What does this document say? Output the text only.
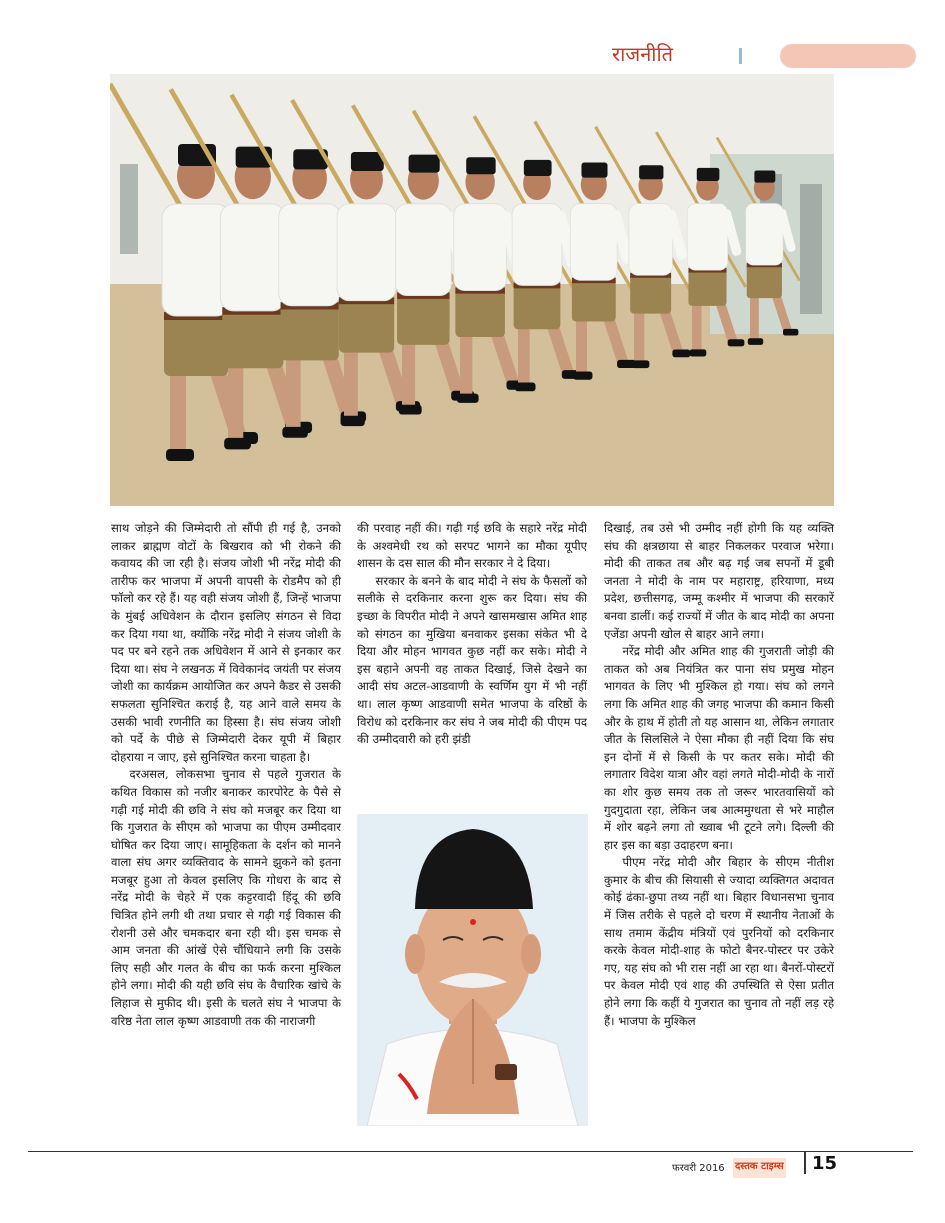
राजनीति

साथ जोड़ने की जिम्मेदारी तो सौंपी ही गई है, उनको लाकर ब्राह्मण वोटों के बिखराव को भी रोकने की कवायद की जा रही है। संजय जोशी भी नरेंद्र मोदी की तारीफ कर भाजपा में अपनी वापसी के रोडमैप को ही फॉलो कर रहे हैं। यह वही संजय जोशी हैं, जिन्हें भाजपा के मुंबई अधिवेशन के दौरान इसलिए संगठन से विदा कर दिया गया था, क्योंकि नरेंद्र मोदी ने संजय जोशी के पद पर बने रहने तक अधिवेशन में आने से इनकार कर दिया था। संघ ने लखनऊ में विवेकानंद जयंती पर संजय जोशी का कार्यक्रम आयोजित कर अपने कैडर से उसकी सफलता सुनिश्चित कराई है, यह आने वाले समय के उसकी भावी रणनीति का हिस्सा है। संघ संजय जोशी को पर्दे के पीछे से जिम्मेदारी देकर यूपी में बिहार दोहराया न जाए, इसे सुनिश्चित करना चाहता है।

दरअसल, लोकसभा चुनाव से पहले गुजरात के कथित विकास को नजीर बनाकर कारपोरेट के पैसे से गढ़ी गई मोदी की छवि ने संघ को मजबूर कर दिया था कि गुजरात के सीएम को भाजपा का पीएम उम्मीदवार घोषित कर दिया जाए। सामूहिकता के दर्शन को मानने वाला संघ अगर व्यक्तिवाद के सामने झुकने को इतना मजबूर हुआ तो केवल इसलिए कि गोधरा के बाद से नरेंद्र मोदी के चेहरे में एक कट्टरवादी हिंदू की छवि चित्रित होने लगी थी तथा प्रचार से गढ़ी गई विकास की रोशनी उसे और चमकदार बना रही थी। इस चमक से आम जनता की आंखें ऐसे चौंधियाने लगी कि उसके लिए सही और गलत के बीच का फर्क करना मुश्किल होने लगा। मोदी की यही छवि संघ के वैचारिक खांचे के लिहाज से मुफीद थी। इसी के चलते संघ ने भाजपा के वरिष्ठ नेता लाल कृष्ण आडवाणी तक की नाराजगी

की परवाह नहीं की। गढ़ी गई छवि के सहारे नरेंद्र मोदी के अश्वमेधी रथ को सरपट भागने का मौका यूपीए शासन के दस साल की मौन सरकार ने दे दिया।

सरकार के बनने के बाद मोदी ने संघ के फैसलों को सलीके से दरकिनार करना शुरू कर दिया। संघ की इच्छा के विपरीत मोदी ने अपने खासमखास अमित शाह को संगठन का मुखिया बनवाकर इसका संकेत भी दे दिया और मोहन भागवत कुछ नहीं कर सके। मोदी ने इस बहाने अपनी वह ताकत दिखाई, जिसे देखने का आदी संघ अटल-आडवाणी के स्वर्णिम युग में भी नहीं था। लाल कृष्ण आडवाणी समेत भाजपा के वरिष्ठों के विरोध को दरकिनार कर संघ ने जब मोदी की पीएम पद की उम्मीदवारी को हरी झंडी

दिखाई, तब उसे भी उम्मीद नहीं होगी कि यह व्यक्ति संघ की क्षत्रछाया से बाहर निकलकर परवाज भरेगा। मोदी की ताकत तब और बढ़ गई जब सपनों में डूबी जनता ने मोदी के नाम पर महाराष्ट्र, हरियाणा, मध्य प्रदेश, छत्तीसगढ़, जम्मू कश्मीर में भाजपा की सरकारें बनवा डालीं। कई राज्यों में जीत के बाद मोदी का अपना एजेंडा अपनी खोल से बाहर आने लगा।

नरेंद्र मोदी और अमित शाह की गुजराती जोड़ी की ताकत को अब नियंत्रित कर पाना संघ प्रमुख मोहन भागवत के लिए भी मुश्किल हो गया। संघ को लगने लगा कि अमित शाह की जगह भाजपा की कमान किसी और के हाथ में होती तो यह आसान था, लेकिन लगातार जीत के सिलसिले ने ऐसा मौका ही नहीं दिया कि संघ इन दोनों में से किसी के पर कतर सके। मोदी की लगातार विदेश यात्रा और वहां लगते मोदी-मोदी के नारों का शोर कुछ समय तक तो जरूर भारतवासियों को गुदगुदाता रहा, लेकिन जब आत्ममुग्धता से भरे माहौल में शोर बढ़ने लगा तो ख्वाब भी टूटने लगे। दिल्ली की हार इस का बड़ा उदाहरण बना।

पीएम नरेंद्र मोदी और बिहार के सीएम नीतीश कुमार के बीच की सियासी से ज्यादा व्यक्तिगत अदावत कोई ढंका-छुपा तथ्य नहीं था। बिहार विधानसभा चुनाव में जिस तरीके से पहले दो चरण में स्थानीय नेताओं के साथ तमाम केंद्रीय मंत्रियों एवं पुरनियों को दरकिनार करके केवल मोदी-शाह के फोटो बैनर-पोस्टर पर उकेरे गए, यह संघ को भी रास नहीं आ रहा था। बैनरों-पोस्टरों पर केवल मोदी एवं शाह की उपस्थिति से ऐसा प्रतीत होने लगा कि कहीं ये गुजरात का चुनाव तो नहीं लड़ रहे हैं। भाजपा के मुश्किल

फरवरी 2016 दस्तक टाइम्स 15
